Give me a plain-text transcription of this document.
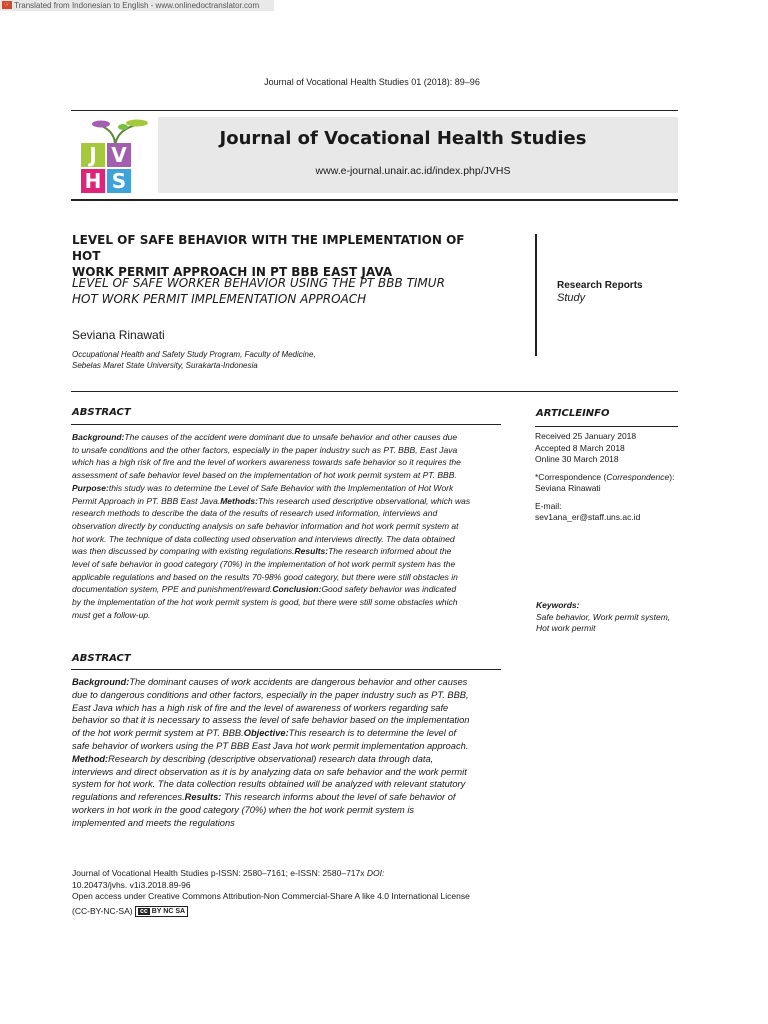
☞ Translated from Indonesian to English - www.onlinedoctranslator.com
Journal of Vocational Health Studies 01 (2018): 89–96
J V
H S
Journal of Vocational Health Studies
www.e-journal.unair.ac.id/index.php/JVHS
LEVEL OF SAFE BEHAVIOR WITH THE IMPLEMENTATION OF HOT
WORK PERMIT APPROACH IN PT BBB EAST JAVA
LEVEL OF SAFE WORKER BEHAVIOR USING THE PT BBB TIMUR
HOT WORK PERMIT IMPLEMENTATION APPROACH
Seviana Rinawati
Occupational Health and Safety Study Program, Faculty of Medicine,
Sebelas Maret State University, Surakarta-Indonesia
Research Reports
Study
ABSTRACT
Background:The causes of the accident were dominant due to unsafe behavior and other causes due
to unsafe conditions and the other factors, especially in the paper industry such as PT. BBB, East Java
which has a high risk of fire and the level of workers awareness towards safe behavior so it requires the
assessment of safe behavior level based on the implementation of hot work permit system at PT. BBB.
Purpose:this study was to determine the Level of Safe Behavior with the Implementation of Hot Work
Permit Approach in PT. BBB East Java.Methods:This research used descriptive observational, which was
research methods to describe the data of the results of research used information, interviews and
observation directly by conducting analysis on safe behavior information and hot work permit system at
hot work. The technique of data collecting used observation and interviews directly. The data obtained
was then discussed by comparing with existing regulations.Results:The research informed about the
level of safe behavior in good category (70%) in the implementation of hot work permit system has the
applicable regulations and based on the results 70-98% good category, but there were still obstacles in
documentation system, PPE and punishment/reward.Conclusion:Good safety behavior was indicated
by the implementation of the hot work permit system is good, but there were still some obstacles which
must get a follow-up.
ARTICLEINFO
Received 25 January 2018
Accepted 8 March 2018
Online 30 March 2018
*Correspondence (Correspondence):
Seviana Rinawati
E-mail:
sev1ana_er@staff.uns.ac.id
Keywords:
Safe behavior, Work permit system,
Hot work permit
ABSTRACT
Background:The dominant causes of work accidents are dangerous behavior and other causes
due to dangerous conditions and other factors, especially in the paper industry such as PT. BBB,
East Java which has a high risk of fire and the level of awareness of workers regarding safe
behavior so that it is necessary to assess the level of safe behavior based on the implementation
of the hot work permit system at PT. BBB.Objective:This research is to determine the level of
safe behavior of workers using the PT BBB East Java hot work permit implementation approach.
Method:Research by describing (descriptive observational) research data through data,
interviews and direct observation as it is by analyzing data on safe behavior and the work permit
system for hot work. The data collection results obtained will be analyzed with relevant statutory
regulations and references.Results: This research informs about the level of safe behavior of
workers in hot work in the good category (70%) when the hot work permit system is
implemented and meets the regulations
Journal of Vocational Health Studies p-ISSN: 2580–7161; e-ISSN: 2580–717x DOI:
10.20473/jvhs. v1i3.2018.89-96
Open access under Creative Commons Attribution-Non Commercial-Share A like 4.0 International License
(CC-BY-NC-SA) cc BY NC SA
